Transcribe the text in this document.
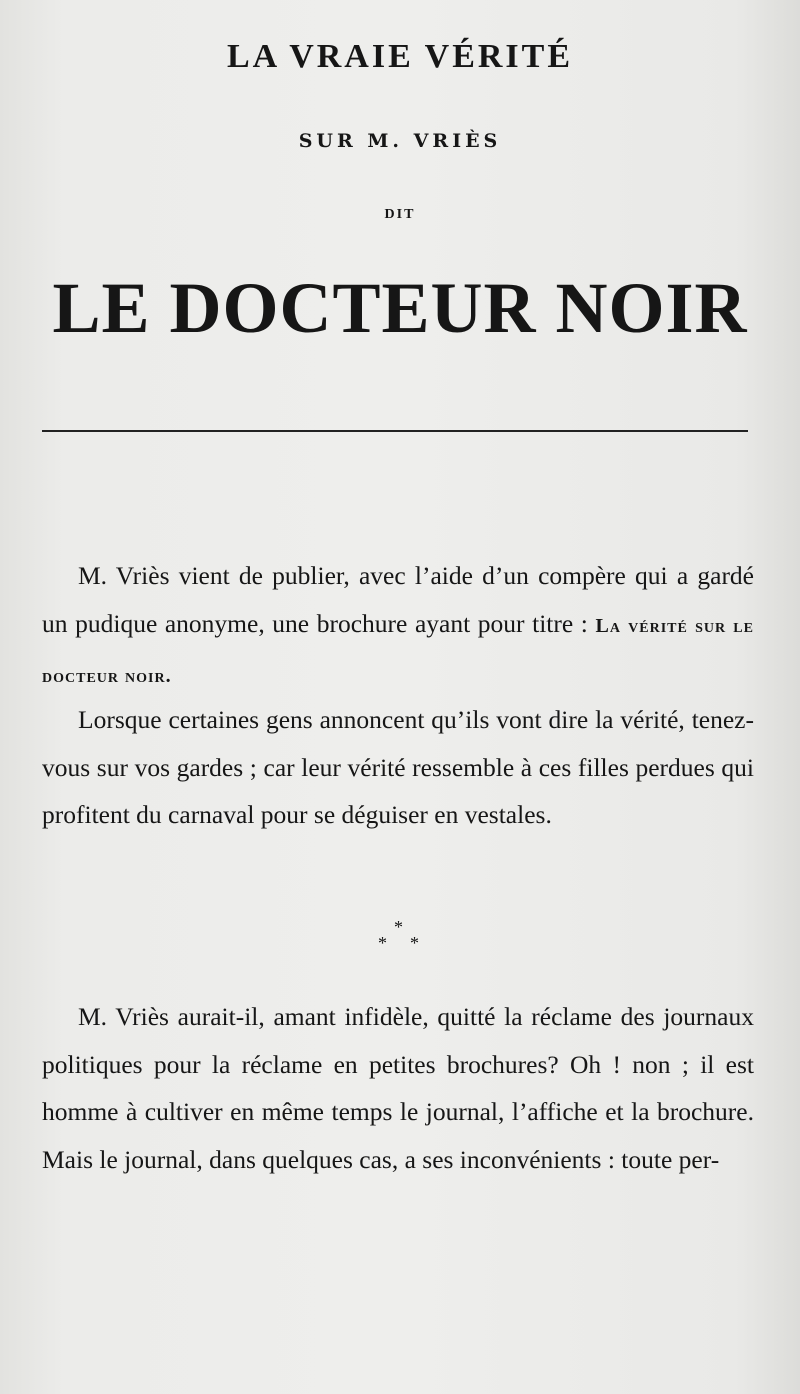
LA VRAIE VÉRITÉ
SUR M. VRIÈS
DIT
LE DOCTEUR NOIR

M. Vriès vient de publier, avec l’aide d’un compère qui a gardé un pudique anonyme, une brochure ayant pour titre : La vérité sur le docteur noir.

Lorsque certaines gens annoncent qu’ils vont dire la vérité, tenez-vous sur vos gardes ; car leur vérité ressemble à ces filles perdues qui profitent du carnaval pour se déguiser en vestales.

*
* *

M. Vriès aurait-il, amant infidèle, quitté la réclame des journaux politiques pour la réclame en petites brochures? Oh ! non ; il est homme à cultiver en même temps le journal, l’affiche et la brochure. Mais le journal, dans quelques cas, a ses inconvénients : toute per-
